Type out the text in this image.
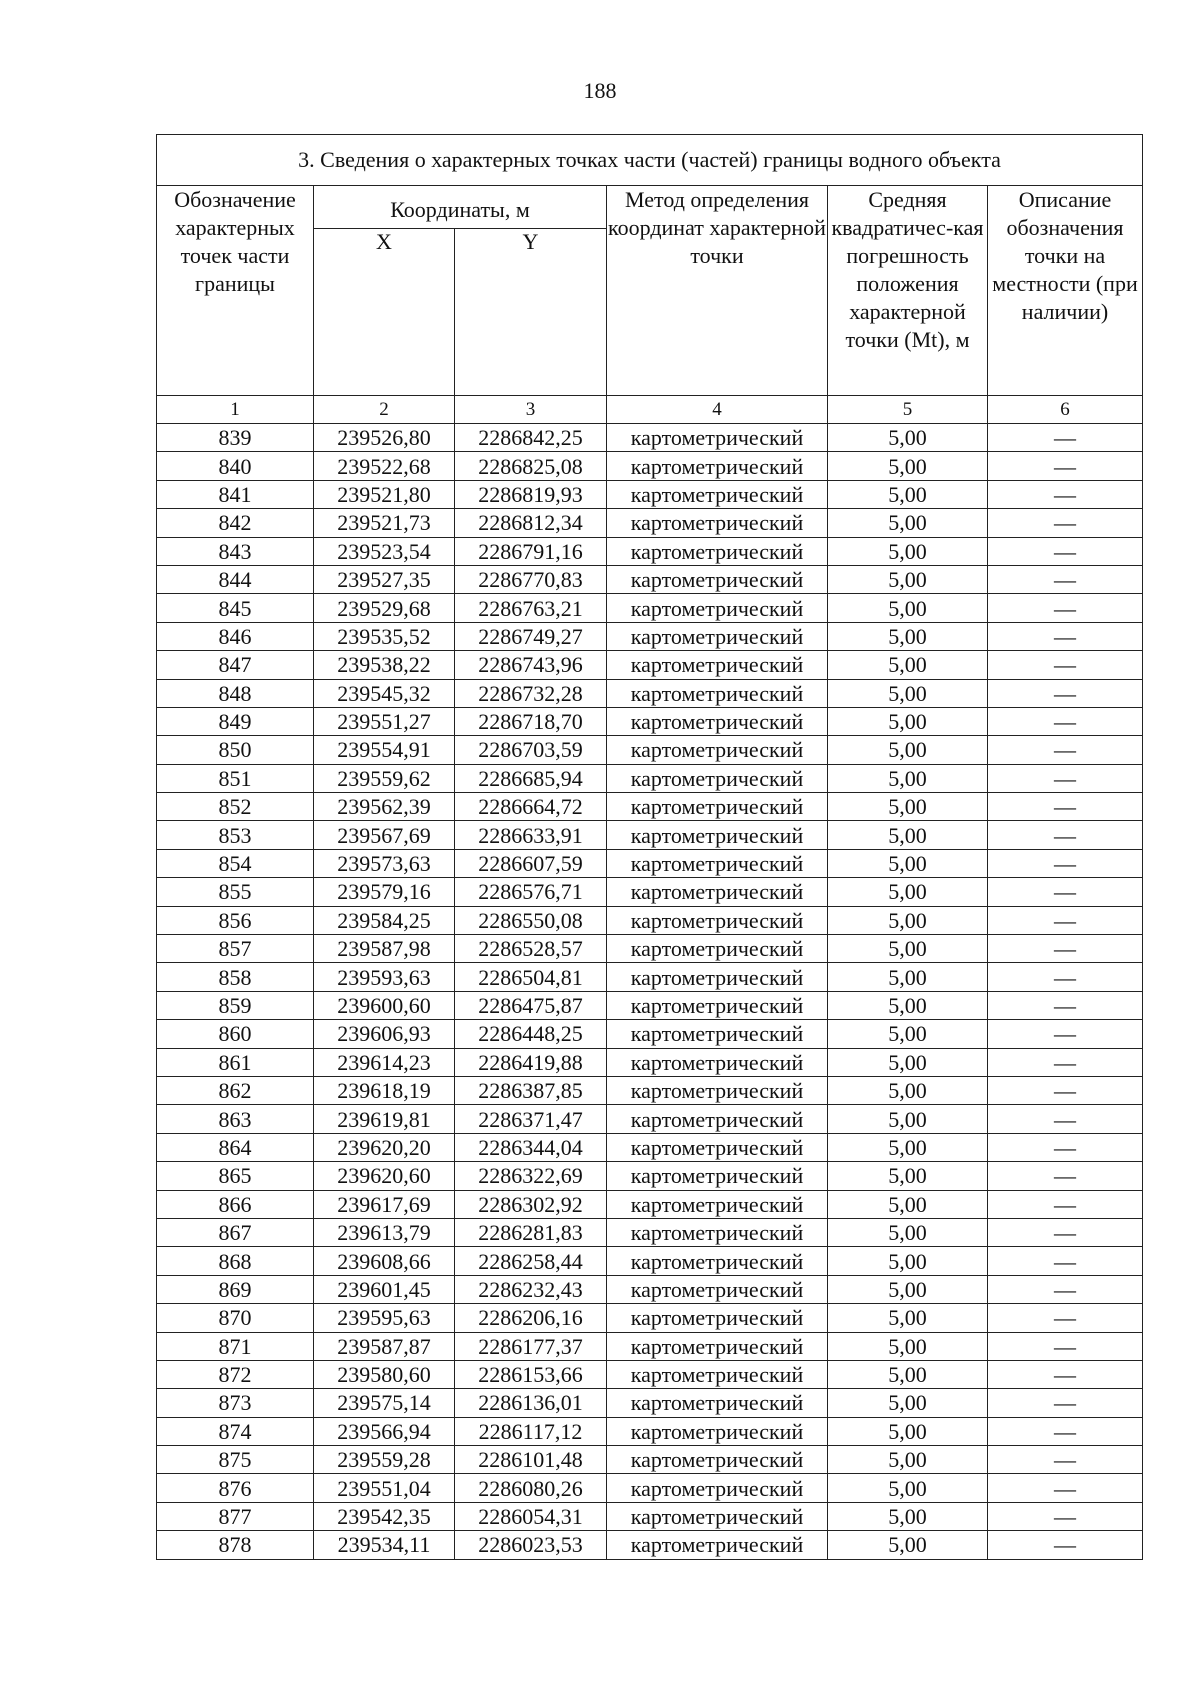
188
3. Сведения о характерных точках части (частей) границы водного объекта					
Обозначение характерных точек части границы	Координаты, м		Метод определения координат характерной точки	Средняя квадратичес-кая погрешность положения характерной точки (Mt), м	Описание обозначения точки на местности (при наличии)
	X	Y			
1	2	3	4	5	6
839	239526,80	2286842,25	картометрический	5,00	—
840	239522,68	2286825,08	картометрический	5,00	—
841	239521,80	2286819,93	картометрический	5,00	—
842	239521,73	2286812,34	картометрический	5,00	—
843	239523,54	2286791,16	картометрический	5,00	—
844	239527,35	2286770,83	картометрический	5,00	—
845	239529,68	2286763,21	картометрический	5,00	—
846	239535,52	2286749,27	картометрический	5,00	—
847	239538,22	2286743,96	картометрический	5,00	—
848	239545,32	2286732,28	картометрический	5,00	—
849	239551,27	2286718,70	картометрический	5,00	—
850	239554,91	2286703,59	картометрический	5,00	—
851	239559,62	2286685,94	картометрический	5,00	—
852	239562,39	2286664,72	картометрический	5,00	—
853	239567,69	2286633,91	картометрический	5,00	—
854	239573,63	2286607,59	картометрический	5,00	—
855	239579,16	2286576,71	картометрический	5,00	—
856	239584,25	2286550,08	картометрический	5,00	—
857	239587,98	2286528,57	картометрический	5,00	—
858	239593,63	2286504,81	картометрический	5,00	—
859	239600,60	2286475,87	картометрический	5,00	—
860	239606,93	2286448,25	картометрический	5,00	—
861	239614,23	2286419,88	картометрический	5,00	—
862	239618,19	2286387,85	картометрический	5,00	—
863	239619,81	2286371,47	картометрический	5,00	—
864	239620,20	2286344,04	картометрический	5,00	—
865	239620,60	2286322,69	картометрический	5,00	—
866	239617,69	2286302,92	картометрический	5,00	—
867	239613,79	2286281,83	картометрический	5,00	—
868	239608,66	2286258,44	картометрический	5,00	—
869	239601,45	2286232,43	картометрический	5,00	—
870	239595,63	2286206,16	картометрический	5,00	—
871	239587,87	2286177,37	картометрический	5,00	—
872	239580,60	2286153,66	картометрический	5,00	—
873	239575,14	2286136,01	картометрический	5,00	—
874	239566,94	2286117,12	картометрический	5,00	—
875	239559,28	2286101,48	картометрический	5,00	—
876	239551,04	2286080,26	картометрический	5,00	—
877	239542,35	2286054,31	картометрический	5,00	—
878	239534,11	2286023,53	картометрический	5,00	—
